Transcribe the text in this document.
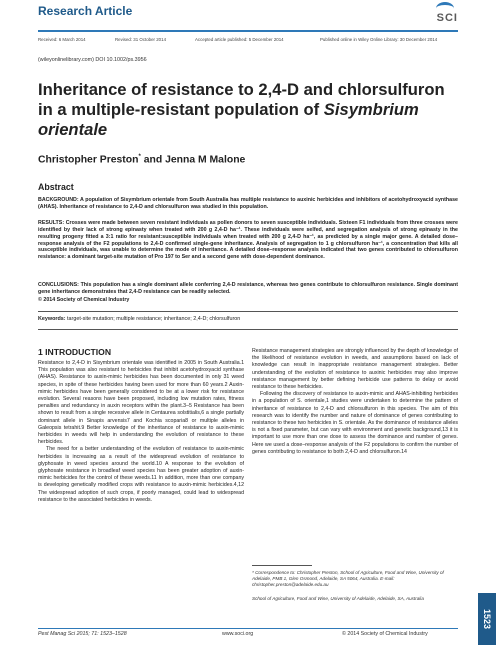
Research Article	SCI
Received: 6 March 2014	Revised: 31 October 2014	Accepted article published: 5 December 2014	Published online in Wiley Online Library: 30 December 2014
(wileyonlinelibrary.com) DOI 10.1002/ps.3956
Inheritance of resistance to 2,4-D and chlorsulfuron in a multiple-resistant population of Sisymbrium orientale
Christopher Preston* and Jenna M Malone
Abstract
BACKGROUND: A population of Sisymbrium orientale from South Australia has multiple resistance to auxinic herbicides and inhibitors of acetohydroxyacid synthase (AHAS). Inheritance of resistance to 2,4-D and chlorsulfuron was studied in this population.
RESULTS: Crosses were made between seven resistant individuals as pollen donors to seven susceptible individuals. Sixteen F1 individuals from three crosses were identified by their lack of strong epinasty when treated with 200 g 2,4-D ha⁻¹. These individuals were selfed, and segregation analysis of strong epinasty in the resulting progeny fitted a 3:1 ratio for resistant:susceptible individuals when treated with 200 g 2,4-D ha⁻¹, as predicted by a single major gene. A detailed dose–response analysis of the F2 populations to 2,4-D confirmed single-gene inheritance. Analysis of segregation to 1 g chlorsulfuron ha⁻¹, a concentration that kills all susceptible individuals, was unable to determine the mode of inheritance. A detailed dose–response analysis indicated that two genes contributed to chlorsulfuron resistance: a dominant target-site mutation of Pro 197 to Ser and a second gene with dose-dependent dominance.
CONCLUSIONS: This population has a single dominant allele conferring 2,4-D resistance, whereas two genes contribute to chlorsulfuron resistance. Single dominant gene inheritance demonstrates that 2,4-D resistance can be readily selected.
© 2014 Society of Chemical Industry
Keywords: target-site mutation; multiple resistance; inheritance; 2,4-D; chlorsulfuron
1 INTRODUCTION

Resistance to 2,4-D in Sisymbrium orientale was identified in 2005 in South Australia.1 This population was also resistant to herbicides that inhibit acetohydroxyacid synthase (AHAS). Resistance to auxin-mimic herbicides has been documented in only 31 weed species, in spite of these herbicides having been used for more than 60 years.2 Auxin-mimic herbicides have been generally considered to be at a lower risk for resistance evolution. Several reasons have been proposed, including low mutation rates, fitness penalties and redundancy in auxin receptors within the plant.3–5 Resistance has been shown to result from a single recessive allele in Centaurea solstitialis,6 a single partially dominant allele in Sinapis arvensis7 and Kochia scoparia8 or multiple alleles in Galeopsis tetrahit.9 Better knowledge of the inheritance of resistance to auxin-mimic herbicides in weeds will help in understanding the evolution of resistance to these herbicides.

The need for a better understanding of the evolution of resistance to auxin-mimic herbicides is increasing as a result of the widespread evolution of resistance to glyphosate in weed species around the world.10 A response to the evolution of glyphosate resistance in broadleaf weed species has been greater adoption of auxin-mimic herbicides for the control of these weeds.11 In addition, more than one company is developing genetically modified crops with resistance to auxin-mimic herbicides.4,12 The widespread adoption of such crops, if poorly managed, could lead to widespread resistance to the associated herbicides in weeds.

Resistance management strategies are strongly influenced by the depth of knowledge of the likelihood of resistance evolution in weeds, and assumptions based on lack of knowledge can result in inappropriate resistance management strategies. Better understanding of the evolution of resistance to auxinic herbicides may also improve resistance management by better defining herbicide use patterns to delay or avoid resistance to these herbicides.

Following the discovery of resistance to auxin-mimic and AHAS-inhibiting herbicides in a population of S. orientale,1 studies were undertaken to determine the pattern of inheritance of resistance to 2,4-D and chlorsulfuron in this species. The aim of this research was to identify the number and nature of dominance of genes contributing to resistance to these two herbicides in S. orientale. As the dominance of resistance alleles is not a fixed parameter, but can vary with environment and genetic background,13 it is important to use more than one dose to assess the dominance and number of genes. Here we used a dose–response analysis of the F2 populations to confirm the number of genes contributing to resistance to both 2,4-D and chlorsulfuron.14

* Correspondence to: Christopher Preston, School of Agriculture, Food and Wine, University of Adelaide, PMB 1, Glen Osmond, Adelaide, SA 5064, Australia. E-mail: christopher.preston@adelaide.edu.au
School of Agriculture, Food and Wine, University of Adelaide, Adelaide, SA, Australia
Pest Manag Sci 2015; 71: 1523–1528	www.soci.org	© 2014 Society of Chemical Industry
1523
